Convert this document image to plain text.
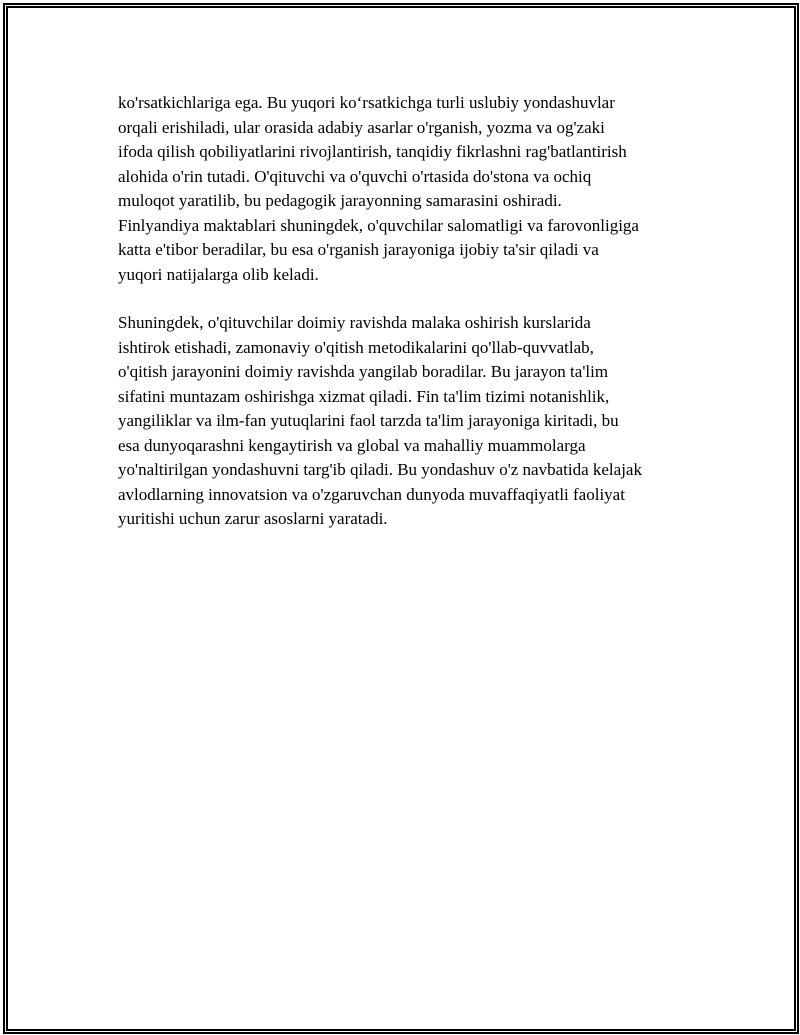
ko'rsatkichlariga ega. Bu yuqori ko‘rsatkichga turli uslubiy yondashuvlar
orqali erishiladi, ular orasida adabiy asarlar o'rganish, yozma va og'zaki
ifoda qilish qobiliyatlarini rivojlantirish, tanqidiy fikrlashni rag'batlantirish
alohida o'rin tutadi. O'qituvchi va o'quvchi o'rtasida do'stona va ochiq
muloqot yaratilib, bu pedagogik jarayonning samarasini oshiradi.
Finlyandiya maktablari shuningdek, o'quvchilar salomatligi va farovonligiga
katta e'tibor beradilar, bu esa o'rganish jarayoniga ijobiy ta'sir qiladi va
yuqori natijalarga olib keladi.

Shuningdek, o'qituvchilar doimiy ravishda malaka oshirish kurslarida
ishtirok etishadi, zamonaviy o'qitish metodikalarini qo'llab-quvvatlab,
o'qitish jarayonini doimiy ravishda yangilab boradilar. Bu jarayon ta'lim
sifatini muntazam oshirishga xizmat qiladi. Fin ta'lim tizimi notanishlik,
yangiliklar va ilm-fan yutuqlarini faol tarzda ta'lim jarayoniga kiritadi, bu
esa dunyoqarashni kengaytirish va global va mahalliy muammolarga
yo'naltirilgan yondashuvni targ'ib qiladi. Bu yondashuv o'z navbatida kelajak
avlodlarning innovatsion va o'zgaruvchan dunyoda muvaffaqiyatli faoliyat
yuritishi uchun zarur asoslarni yaratadi.
